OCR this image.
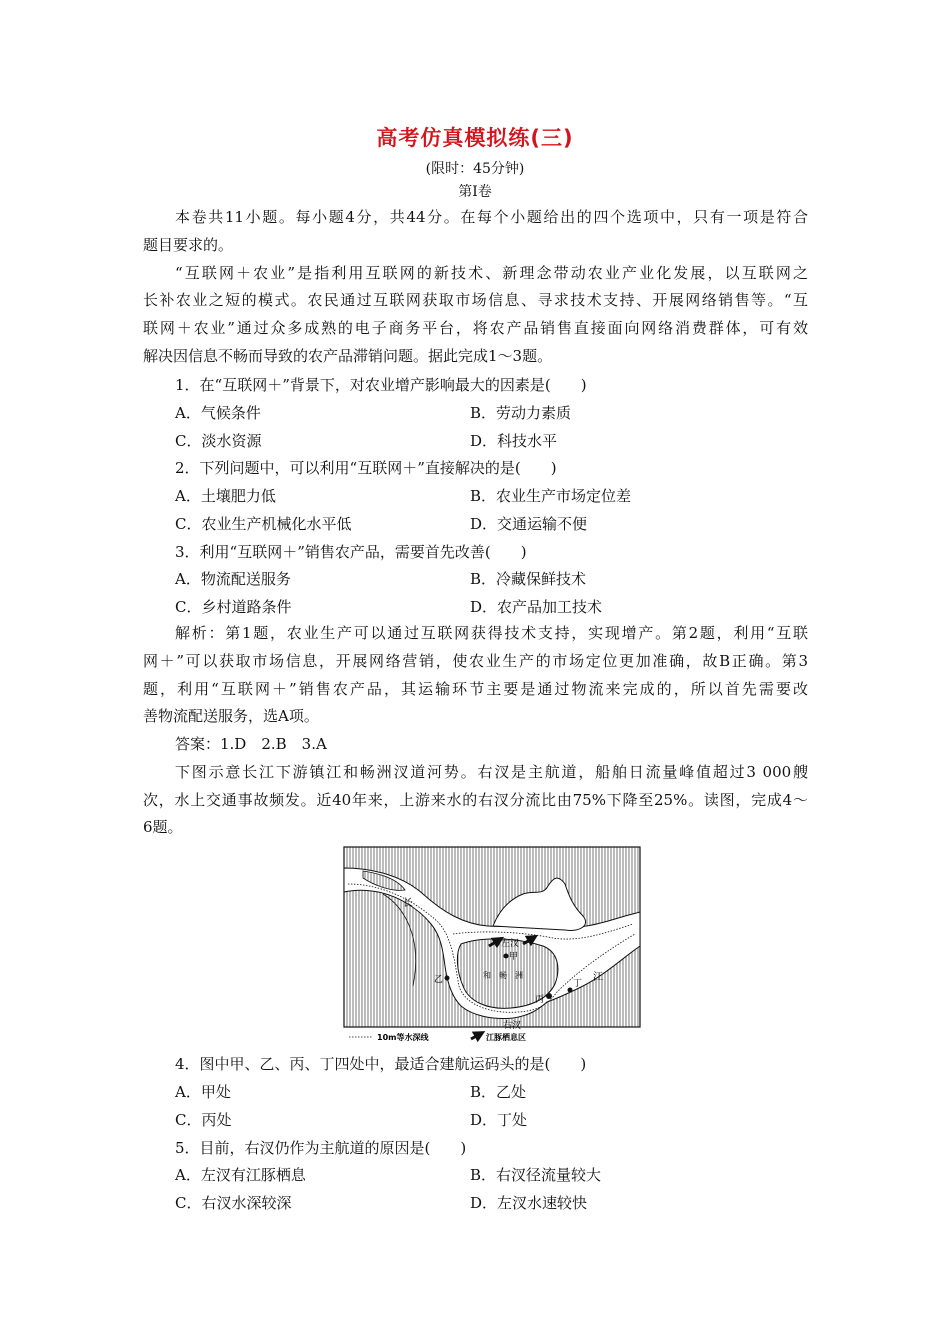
高考仿真模拟练(三)
(限时：45分钟)
第Ⅰ卷
本卷共11小题。每小题4分，共44分。在每个小题给出的四个选项中，只有一项是符合
题目要求的。
“互联网＋农业”是指利用互联网的新技术、新理念带动农业产业化发展，以互联网之
长补农业之短的模式。农民通过互联网获取市场信息、寻求技术支持、开展网络销售等。“互
联网＋农业”通过众多成熟的电子商务平台，将农产品销售直接面向网络消费群体，可有效
解决因信息不畅而导致的农产品滞销问题。据此完成1～3题。
1．在“互联网＋”背景下，对农业增产影响最大的因素是(　　)
A．气候条件	B．劳动力素质
C．淡水资源	D．科技水平
2．下列问题中，可以利用“互联网＋”直接解决的是(　　)
A．土壤肥力低	B．农业生产市场定位差
C．农业生产机械化水平低	D．交通运输不便
3．利用“互联网＋”销售农产品，需要首先改善(　　)
A．物流配送服务	B．冷藏保鲜技术
C．乡村道路条件	D．农产品加工技术
解析：第1题，农业生产可以通过互联网获得技术支持，实现增产。第2题，利用“互联
网＋”可以获取市场信息，开展网络营销，使农业生产的市场定位更加准确，故B正确。第3
题，利用“互联网＋”销售农产品，其运输环节主要是通过物流来完成的，所以首先需要改
善物流配送服务，选A项。
答案：1.D　2.B　3.A
下图示意长江下游镇江和畅洲汊道河势。右汊是主航道，船舶日流量峰值超过3 000艘
次，水上交通事故频发。近40年来，上游来水的右汊分流比由75%下降至25%。读图，完成4～
6题。
长
江
左汊
右汊
甲
乙
丙
丁
和　畅　洲
10m等水深线	江豚栖息区
4．图中甲、乙、丙、丁四处中，最适合建航运码头的是(　　)
A．甲处	B．乙处
C．丙处	D．丁处
5．目前，右汊仍作为主航道的原因是(　　)
A．左汊有江豚栖息	B．右汊径流量较大
C．右汊水深较深	D．左汊水速较快
